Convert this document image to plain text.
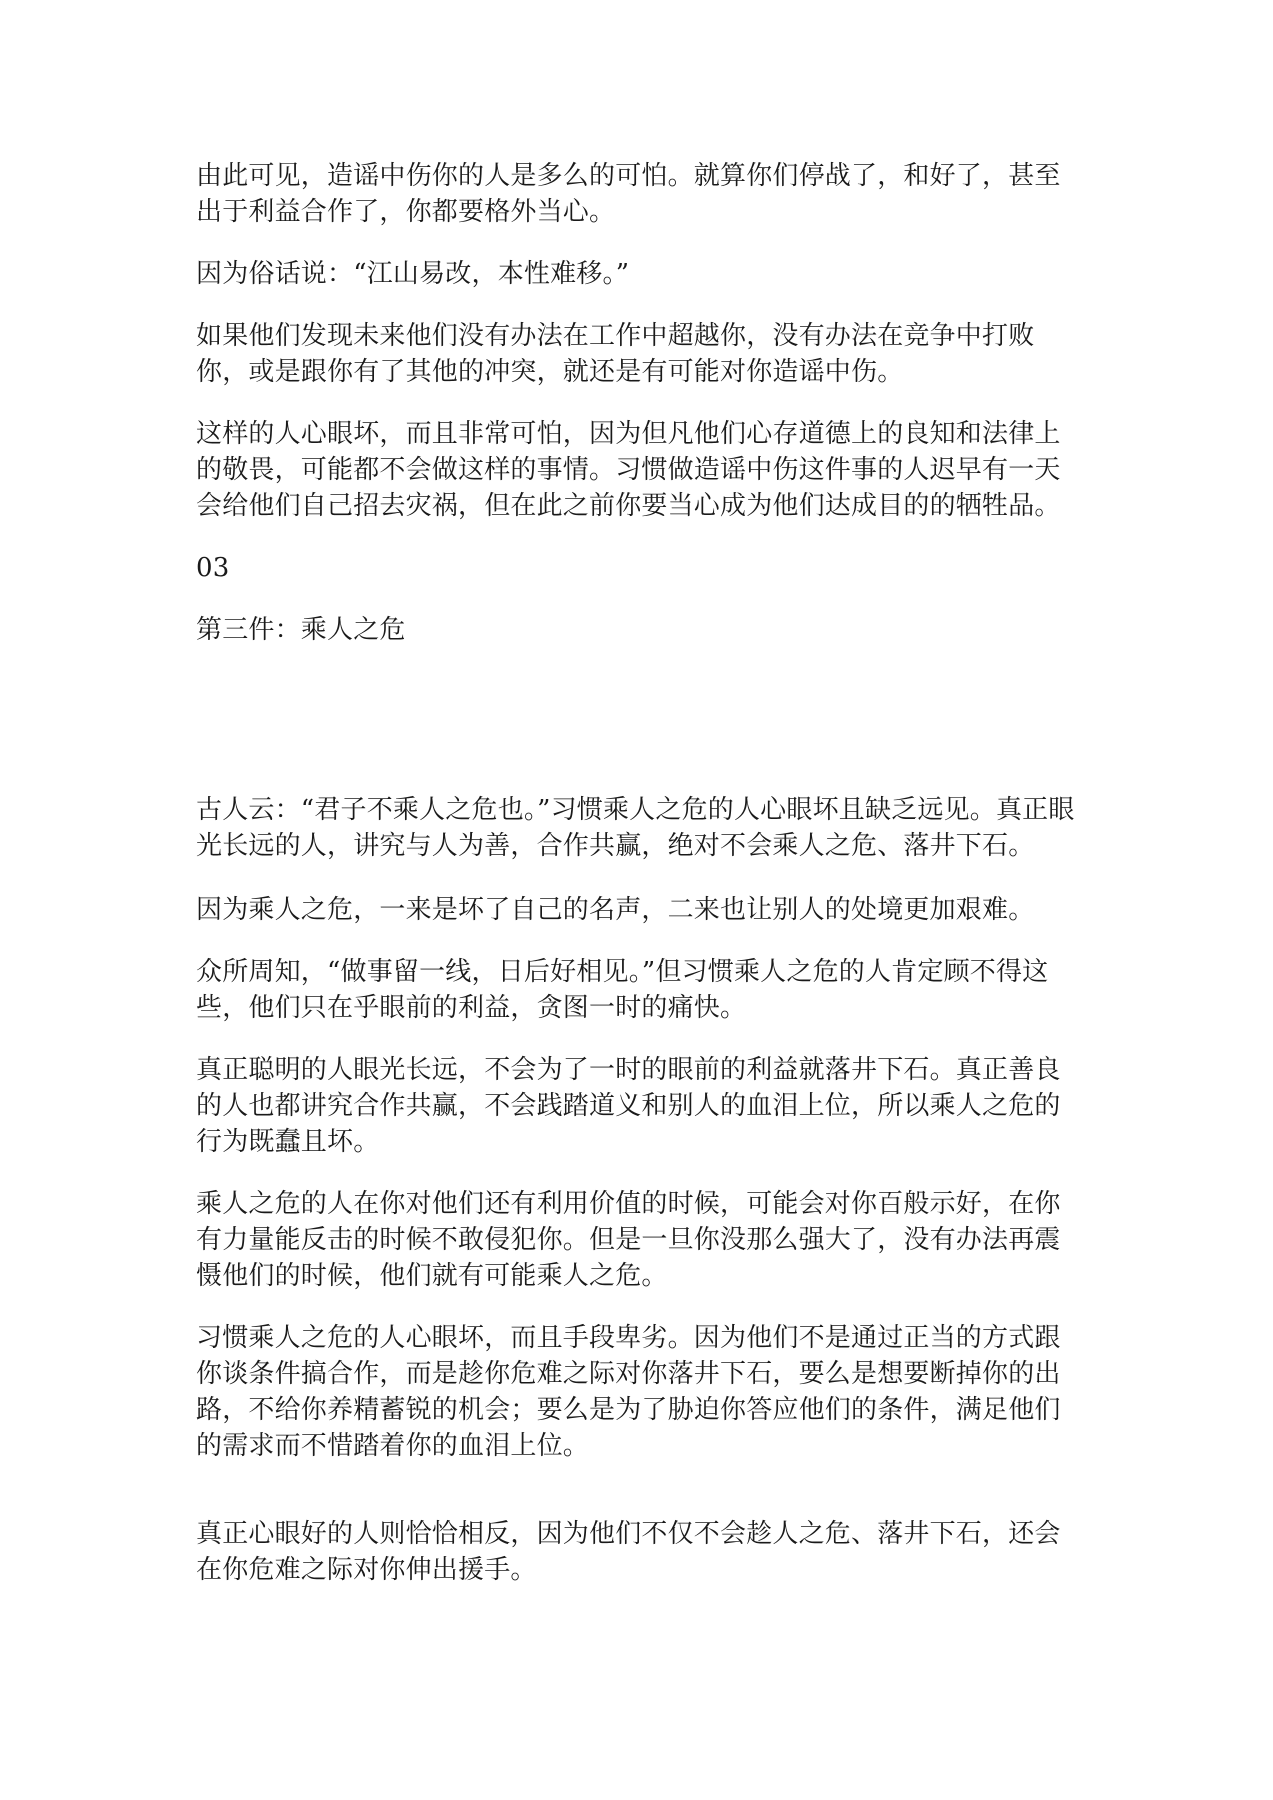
由此可见，造谣中伤你的人是多么的可怕。就算你们停战了，和好了，甚至出于利益合作了，你都要格外当心。

因为俗话说：“江山易改，本性难移。”

如果他们发现未来他们没有办法在工作中超越你，没有办法在竞争中打败你，或是跟你有了其他的冲突，就还是有可能对你造谣中伤。

这样的人心眼坏，而且非常可怕，因为但凡他们心存道德上的良知和法律上的敬畏，可能都不会做这样的事情。习惯做造谣中伤这件事的人迟早有一天会给他们自己招去灾祸，但在此之前你要当心成为他们达成目的的牺牲品。

03

第三件：乘人之危

古人云：“君子不乘人之危也。”习惯乘人之危的人心眼坏且缺乏远见。真正眼光长远的人，讲究与人为善，合作共赢，绝对不会乘人之危、落井下石。

因为乘人之危，一来是坏了自己的名声，二来也让别人的处境更加艰难。

众所周知，“做事留一线，日后好相见。”但习惯乘人之危的人肯定顾不得这些，他们只在乎眼前的利益，贪图一时的痛快。

真正聪明的人眼光长远，不会为了一时的眼前的利益就落井下石。真正善良的人也都讲究合作共赢，不会践踏道义和别人的血泪上位，所以乘人之危的行为既蠢且坏。

乘人之危的人在你对他们还有利用价值的时候，可能会对你百般示好，在你有力量能反击的时候不敢侵犯你。但是一旦你没那么强大了，没有办法再震慑他们的时候，他们就有可能乘人之危。

习惯乘人之危的人心眼坏，而且手段卑劣。因为他们不是通过正当的方式跟你谈条件搞合作，而是趁你危难之际对你落井下石，要么是想要断掉你的出路，不给你养精蓄锐的机会；要么是为了胁迫你答应他们的条件，满足他们的需求而不惜踏着你的血泪上位。

真正心眼好的人则恰恰相反，因为他们不仅不会趁人之危、落井下石，还会在你危难之际对你伸出援手。
